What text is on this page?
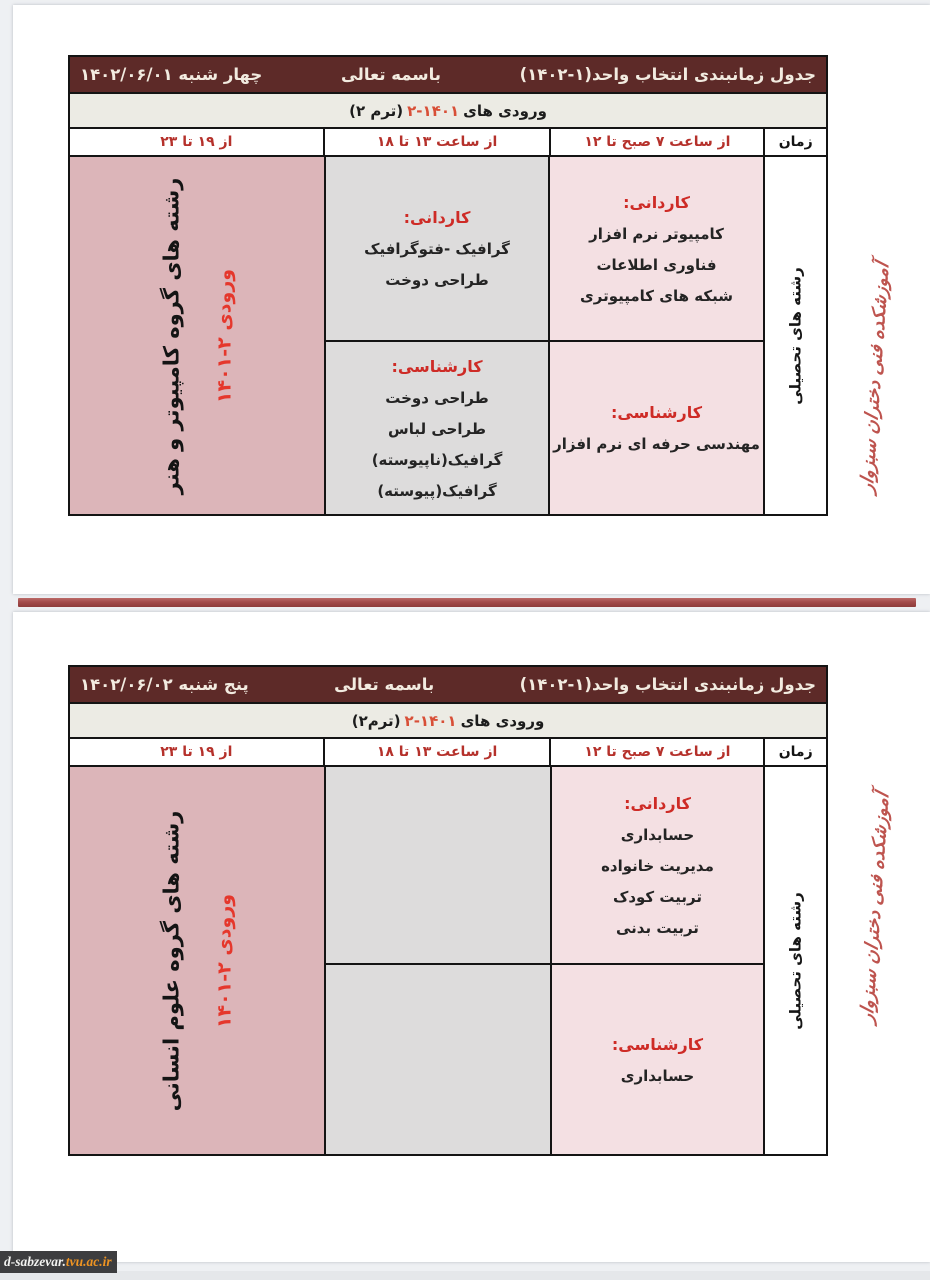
جدول زمانبندی انتخاب واحد(۱-۱۴۰۲)
باسمه تعالی
چهار شنبه ۱۴۰۲/۰۶/۰۱
ورودی های
۲-۱۴۰۱
(ترم ۲)
زمان
از ساعت ۷ صبح تا ۱۲
از ساعت ۱۳ تا ۱۸
از ۱۹ تا ۲۳
رشته های تحصیلی
کاردانی:
کامپیوتر نرم افزار
فناوری اطلاعات
شبکه های کامپیوتری
کارشناسی:
مهندسی حرفه ای نرم افزار
کاردانی:
گرافیک -فتوگرافیک
طراحی دوخت
کارشناسی:
طراحی دوخت
طراحی لباس
گرافیک(ناپیوسته)
گرافیک(پیوسته)
رشته های گروه کامپیوتر و هنر ورودی ۲-۱۴۰۱
جدول زمانبندی انتخاب واحد(۱-۱۴۰۲)
باسمه تعالی
پنج شنبه ۱۴۰۲/۰۶/۰۲
ورودی های
۲-۱۴۰۱
(ترم۲)
زمان
از ساعت ۷ صبح تا ۱۲
از ساعت ۱۳ تا ۱۸
از ۱۹ تا ۲۳
رشته های تحصیلی
کاردانی:
حسابداری
مدیریت خانواده
تربیت کودک
تربیت بدنی
کارشناسی:
حسابداری
رشته های گروه علوم انسانی ورودی ۲-۱۴۰۱
آموزشکده فنی دختران سبزوار
آموزشکده فنی دختران سبزوار
d-sabzevar. tvu.ac.ir
